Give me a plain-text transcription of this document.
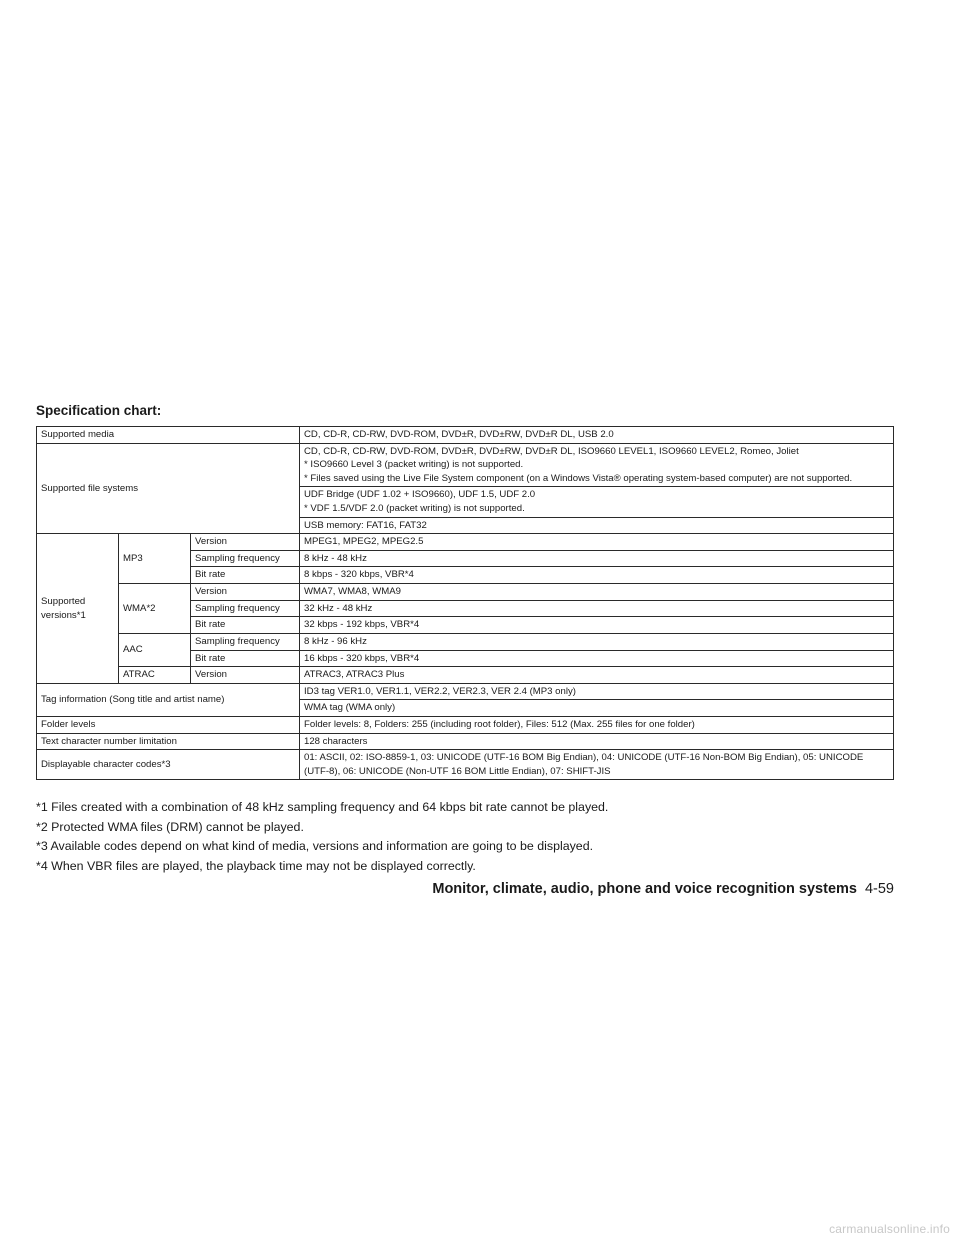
Specification chart:
Supported media			CD, CD-R, CD-RW, DVD-ROM, DVD±R, DVD±RW, DVD±R DL, USB 2.0
Supported file systems			CD, CD-R, CD-RW, DVD-ROM, DVD±R, DVD±RW, DVD±R DL, ISO9660 LEVEL1, ISO9660 LEVEL2, Romeo, Joliet
* ISO9660 Level 3 (packet writing) is not supported.
* Files saved using the Live File System component (on a Windows Vista® operating system-based computer) are not supported.

			UDF Bridge (UDF 1.02 + ISO9660), UDF 1.5, UDF 2.0
* VDF 1.5/VDF 2.0 (packet writing) is not supported.

			USB memory: FAT16, FAT32
Supported versions*1	MP3	Version	MPEG1, MPEG2, MPEG2.5
		Sampling frequency	8 kHz - 48 kHz
		Bit rate	8 kbps - 320 kbps, VBR*4
	WMA*2	Version	WMA7, WMA8, WMA9
		Sampling frequency	32 kHz - 48 kHz
		Bit rate	32 kbps - 192 kbps, VBR*4
	AAC	Sampling frequency	8 kHz - 96 kHz
		Bit rate	16 kbps - 320 kbps, VBR*4
	ATRAC	Version	ATRAC3, ATRAC3 Plus
Tag information (Song title and artist name)			ID3 tag VER1.0, VER1.1, VER2.2, VER2.3, VER 2.4 (MP3 only)
			WMA tag (WMA only)
Folder levels			Folder levels: 8, Folders: 255 (including root folder), Files: 512 (Max. 255 files for one folder)
Text character number limitation			128 characters
Displayable character codes*3			01: ASCII, 02: ISO-8859-1, 03: UNICODE (UTF-16 BOM Big Endian), 04: UNICODE (UTF-16 Non-BOM Big Endian), 05: UNICODE (UTF-8), 06: UNICODE (Non-UTF 16 BOM Little Endian), 07: SHIFT-JIS

*1 Files created with a combination of 48 kHz sampling frequency and 64 kbps bit rate cannot be played.

*2 Protected WMA files (DRM) cannot be played.

*3 Available codes depend on what kind of media, versions and information are going to be displayed.

*4 When VBR files are played, the playback time may not be displayed correctly.

Monitor, climate, audio, phone and voice recognition systems 4-59
carmanualsonline.info
